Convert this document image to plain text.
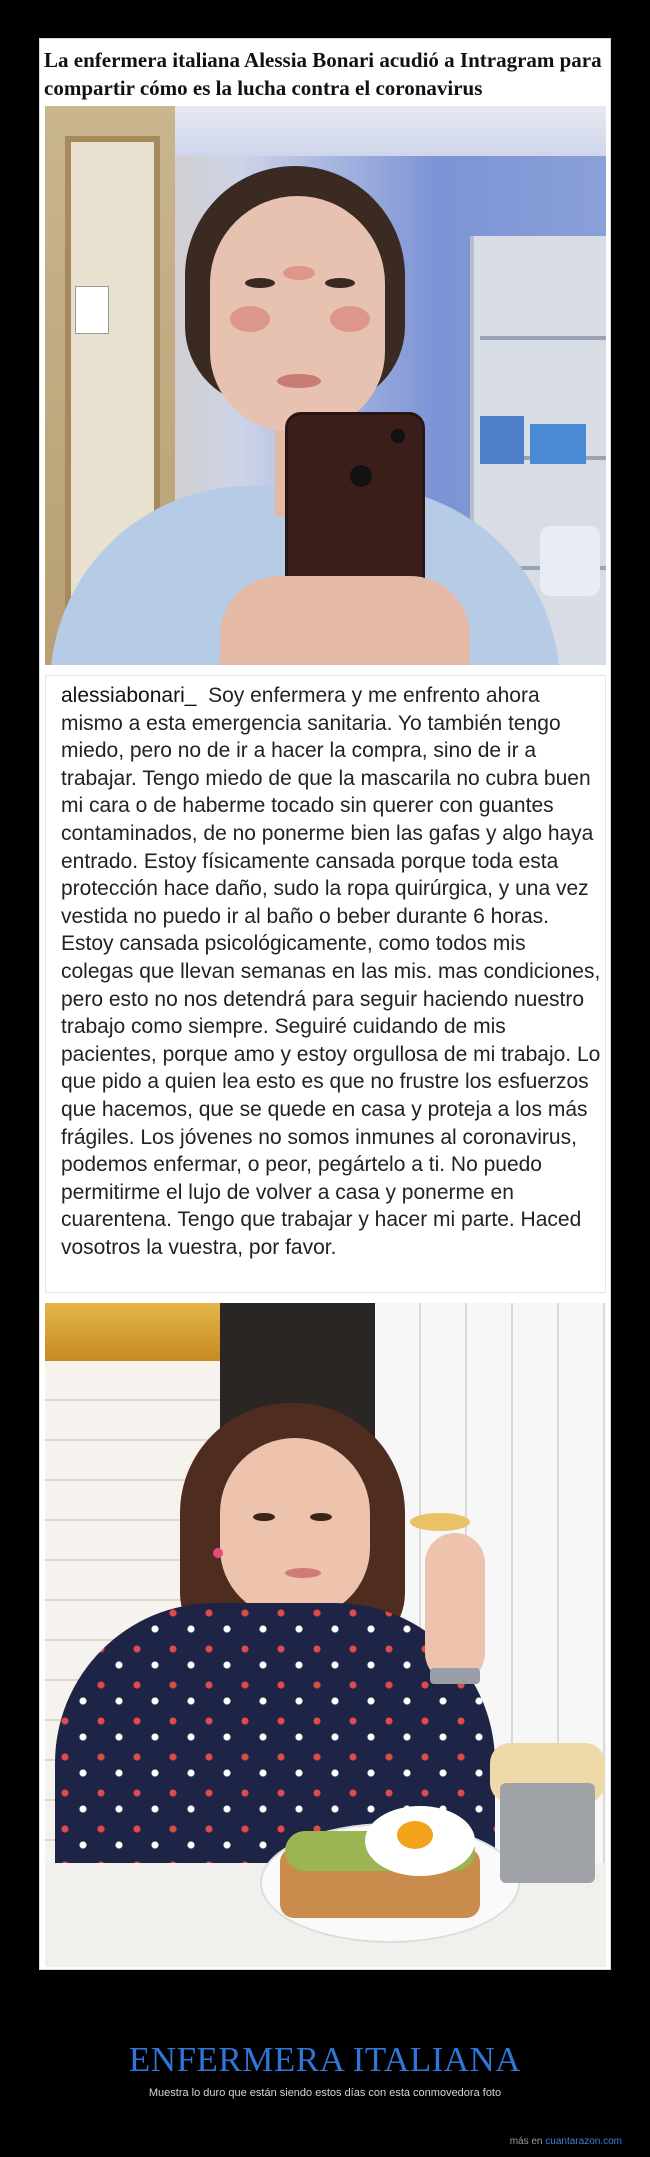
La enfermera italiana Alessia Bonari acudió a Intragram para compartir cómo es la lucha contra el coronavirus

alessiabonari_ Soy enfermera y me enfrento ahora mismo a esta emergencia sanitaria. Yo también tengo miedo, pero no de ir a hacer la compra, sino de ir a trabajar. Tengo miedo de que la mascarila no cubra buen mi cara o de haberme tocado sin querer con guantes contaminados, de no ponerme bien las gafas y algo haya entrado. Estoy físicamente cansada porque toda esta protección hace daño, sudo la ropa quirúrgica, y una vez vestida no puedo ir al baño o beber durante 6 horas. Estoy cansada psicológicamente, como todos mis colegas que llevan semanas en las mis. mas condiciones, pero esto no nos detendrá para seguir haciendo nuestro trabajo como siempre. Seguiré cuidando de mis pacientes, porque amo y estoy orgullosa de mi trabajo. Lo que pido a quien lea esto es que no frustre los esfuerzos que hacemos, que se quede en casa y proteja a los más frágiles. Los jóvenes no somos inmunes al coronavirus, podemos enfermar, o peor, pegártelo a ti. No puedo permitirme el lujo de volver a casa y ponerme en cuarentena. Tengo que trabajar y hacer mi parte. Haced vosotros la vuestra, por favor.

ENFERMERA ITALIANA
Muestra lo duro que están siendo estos días con esta conmovedora foto
más en cuantarazon.com
